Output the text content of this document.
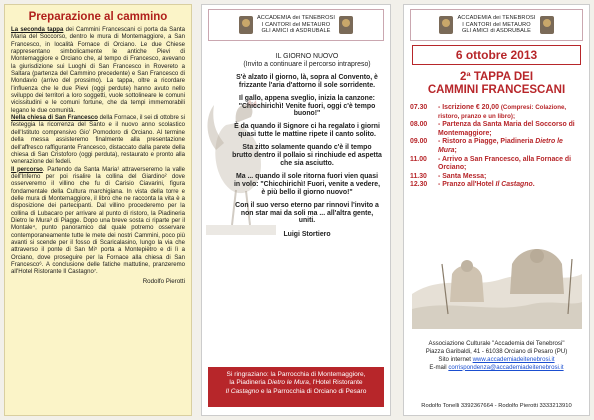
Preparazione al cammino

La seconda tappa dei Cammini Francescani ci porta da Santa Maria del Soccorso, dentro le mura di Montemaggiore, a San Francesco, in località Fornace di Orciano. Le due Chiese rappresentano simbolicamente le antiche Pievi di Montemaggiore e Orciano che, al tempo di Francesco, avevano la giurisdizione sui Luoghi di San Francesco in Rovereto a Saltara (partenza del Cammino precedente) e San Francesco di Mondavio (arrivo del prossimo). La tappa, oltre a ricordare l'influenza che le due Pievi (oggi perdute) hanno avuto nello sviluppo dei territori a loro soggetti, vuole sottolineare le comuni vicissitudini e le comuni fortune, che da tempi immemorabili legano le due comunità.

Nella chiesa di San Francesco della Fornace, il sei di ottobre si festeggia la ricorrenza del Santo e il nuovo anno scolastico dell'Istituto comprensivo Gio' Pomodoro di Orciano. Al termine della messa assisteremo finalmente alla presentazione dell'affresco raffigurante Francesco, distaccato dalla parete della chiesa di San Cristoforo (oggi perduta), restaurato e pronto alla venerazione dei fedeli.

Il percorso. Partendo da Santa Maria¹ attraverseremo la valle dell'Inferno per poi risalire la collina del Giardino² dove osserveremo il villino che fu di Carisio Ciavarini, figura fondamentale della Cultura marchigiana. In vista della torre e delle mura di Montemaggiore, il libro che ne racconta la vita è a disposizione dei partecipanti. Dal villino procederemo per la collina di Lubacaro per arrivare al punto di ristoro, la Piadineria Dietro le Mura³ di Piagge. Dopo una breve sosta ci riparte per il Montale⁴, punto panoramico dal quale potremo osservare contemporaneamente tutte le mete dei nostri Cammini, poco più avanti si scende per il fosso di Scaricalasino, lungo la via che attraverso il ponte di San Mi⁵ porta a Montepiètro e di lì a Orciano, dove proseguire per la Fornace alla chiesa di San Francesco⁶. A conclusione delle fatiche mattutine, pranzeremo all'Hotel Ristorante Il Castagno⁷.

Rodolfo Pierotti
ACCADEMIA dei TENEBROSI
I CANTORI del METAURO
GLI AMICI di ASDRUBALE

IL GIORNO NUOVO
(Invito a continuare il percorso intrapreso)

S'è alzato il giorno, là, sopra al Convento, è frizzante l'aria d'attorno il sole sorridente.

Il gallo, appena sveglio, inizia la canzone: "Chicchirichì! Venite fuori, oggi c'è tempo buono!"

È da quando il Signore ci ha regalato i giorni quasi tutte le mattine ripete il canto solito.

Sta zitto solamente quando c'è il tempo brutto dentro il pollaio si rinchiude ed aspetta che sia asciutto.

Ma ... quando il sole ritorna fuori vien quasi in volo: "Chicchirichì! Fuori, venite a vedere, è più bello il giorno nuovo!"

Con il suo verso eterno par rinnovi l'invito a non star mai da soli ma ... all'altra gente, uniti.

Luigi Stortiero

Si ringraziano: la Parrocchia di Montemaggiore,
la Piadineria Dietro le Mura, l'Hotel Ristorante
Il Castagno e la Parrocchia di Orciano di Pesaro
ACCADEMIA dei TENEBROSI
I CANTORI del METAURO
GLI AMICI di ASDRUBALE
6 ottobre 2013
2ª TAPPA DEI
CAMMINI FRANCESCANI
07.30	- Iscrizione € 20,00 (Compresi: Colazione, ristoro, pranzo e un libro);
08.00	- Partenza da Santa Maria del Soccorso di Montemaggiore;
09.00	- Ristoro a Piagge, Piadineria Dietro le Mura;
11.00	- Arrivo a San Francesco, alla Fornace di Orciano;
11.30	- Santa Messa;
12.30	- Pranzo all'Hotel Il Castagno.
Associazione Culturale "Accademia dei Tenebrosi"
Piazza Garibaldi, 41 - 61038 Orciano di Pesaro (PU)
Sito internet www.accademiadeitenebrosi.it
E-mail corrispondenza@accademiadeitenebrosi.it
Rodolfo Tonelli 3392367664 - Rodolfo Pierotti 3333213910
